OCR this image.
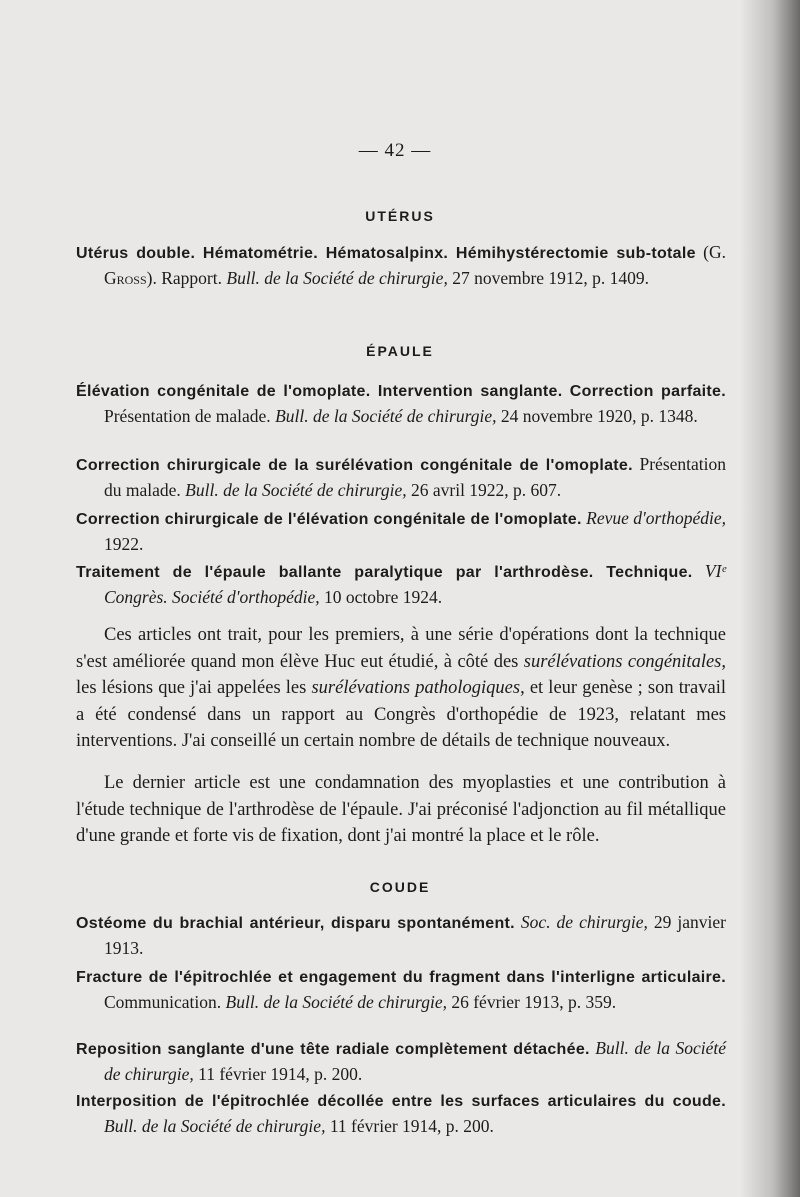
— 42 —
UTÉRUS
Utérus double. Hématométrie. Hématosalpinx. Hémihystérectomie sub-totale (G. Gross). Rapport. Bull. de la Société de chirurgie, 27 novembre 1912, p. 1409.
ÉPAULE
Élévation congénitale de l'omoplate. Intervention sanglante. Correction parfaite. Présentation de malade. Bull. de la Société de chirurgie, 24 novembre 1920, p. 1348.
Correction chirurgicale de la surélévation congénitale de l'omoplate. Présentation du malade. Bull. de la Société de chirurgie, 26 avril 1922, p. 607.
Correction chirurgicale de l'élévation congénitale de l'omoplate. Revue d'orthopédie, 1922.
Traitement de l'épaule ballante paralytique par l'arthrodèse. Technique. VIᵉ Congrès. Société d'orthopédie, 10 octobre 1924.
Ces articles ont trait, pour les premiers, à une série d'opérations dont la technique s'est améliorée quand mon élève Huc eut étudié, à côté des surélévations congénitales, les lésions que j'ai appelées les surélévations pathologiques, et leur genèse ; son travail a été condensé dans un rapport au Congrès d'orthopédie de 1923, relatant mes interventions. J'ai conseillé un certain nombre de détails de technique nouveaux.
Le dernier article est une condamnation des myoplasties et une contribution à l'étude technique de l'arthrodèse de l'épaule. J'ai préconisé l'adjonction au fil métallique d'une grande et forte vis de fixation, dont j'ai montré la place et le rôle.
COUDE
Ostéome du brachial antérieur, disparu spontanément. Soc. de chirurgie, 29 janvier 1913.
Fracture de l'épitrochlée et engagement du fragment dans l'interligne articulaire. Communication. Bull. de la Société de chirurgie, 26 février 1913, p. 359.
Reposition sanglante d'une tête radiale complètement détachée. Bull. de la Société de chirurgie, 11 février 1914, p. 200.
Interposition de l'épitrochlée décollée entre les surfaces articulaires du coude. Bull. de la Société de chirurgie, 11 février 1914, p. 200.
